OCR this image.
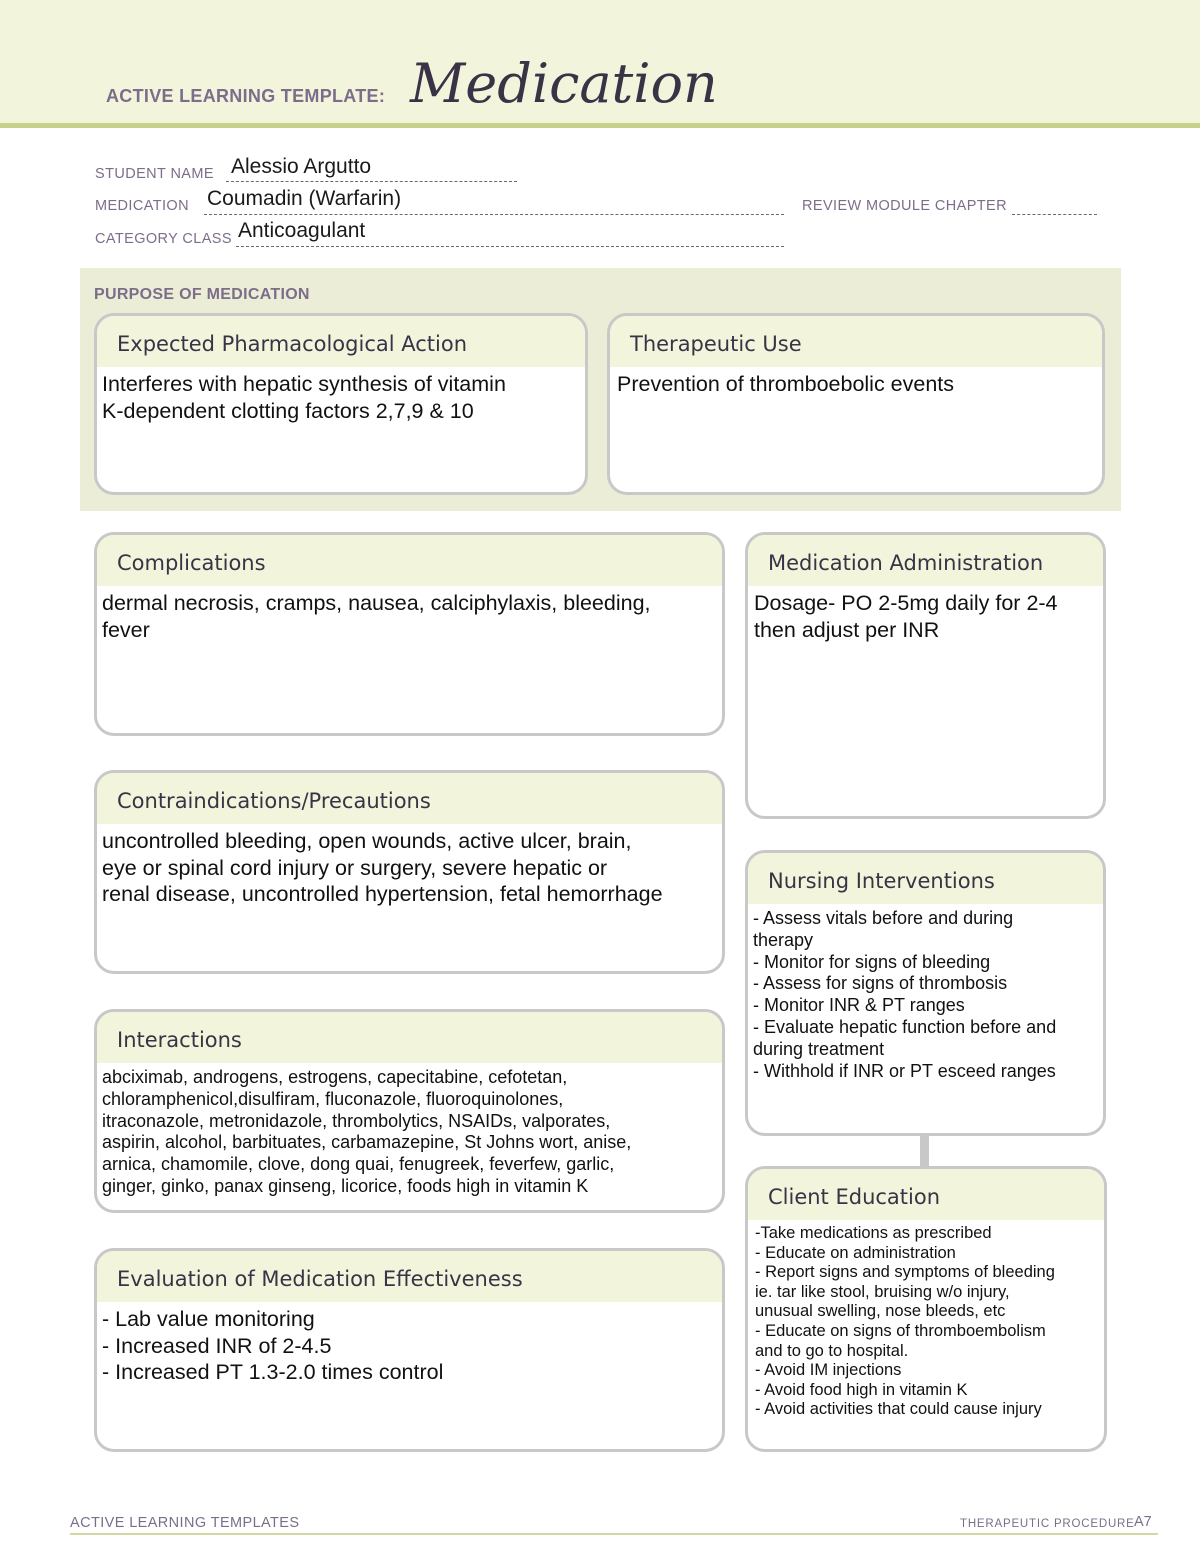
ACTIVE LEARNING TEMPLATE: Medication
STUDENT NAME Alessio Argutto
MEDICATION Coumadin (Warfarin)	REVIEW MODULE CHAPTER
CATEGORY CLASS Anticoagulant
PURPOSE OF MEDICATION
Expected Pharmacological Action
Interferes with hepatic synthesis of vitamin
K-dependent clotting factors 2,7,9 & 10
Therapeutic Use
Prevention of thromboebolic events
Complications
dermal necrosis, cramps, nausea, calciphylaxis, bleeding,
fever
Contraindications/Precautions
uncontrolled bleeding, open wounds, active ulcer, brain,
eye or spinal cord injury or surgery, severe hepatic or
renal disease, uncontrolled hypertension, fetal hemorrhage
Interactions
abciximab, androgens, estrogens, capecitabine, cefotetan,
chloramphenicol,disulfiram, fluconazole, fluoroquinolones,
itraconazole, metronidazole, thrombolytics, NSAIDs, valporates,
aspirin, alcohol, barbituates, carbamazepine, St Johns wort, anise,
arnica, chamomile, clove, dong quai, fenugreek, feverfew, garlic,
ginger, ginko, panax ginseng, licorice, foods high in vitamin K
Evaluation of Medication Effectiveness
- Lab value monitoring
- Increased INR of 2-4.5
- Increased PT 1.3-2.0 times control
Medication Administration
Dosage- PO 2-5mg daily for 2-4
then adjust per INR
Nursing Interventions
- Assess vitals before and during
therapy
- Monitor for signs of bleeding
- Assess for signs of thrombosis
- Monitor INR & PT ranges
- Evaluate hepatic function before and
during treatment
- Withhold if INR or PT esceed ranges
Client Education
-Take medications as prescribed
- Educate on administration
- Report signs and symptoms of bleeding
ie. tar like stool, bruising w/o injury,
unusual swelling, nose bleeds, etc
- Educate on signs of thromboembolism
and to go to hospital.
- Avoid IM injections
- Avoid food high in vitamin K
- Avoid activities that could cause injury
ACTIVE LEARNING TEMPLATES	THERAPEUTIC PROCEDURE A7
